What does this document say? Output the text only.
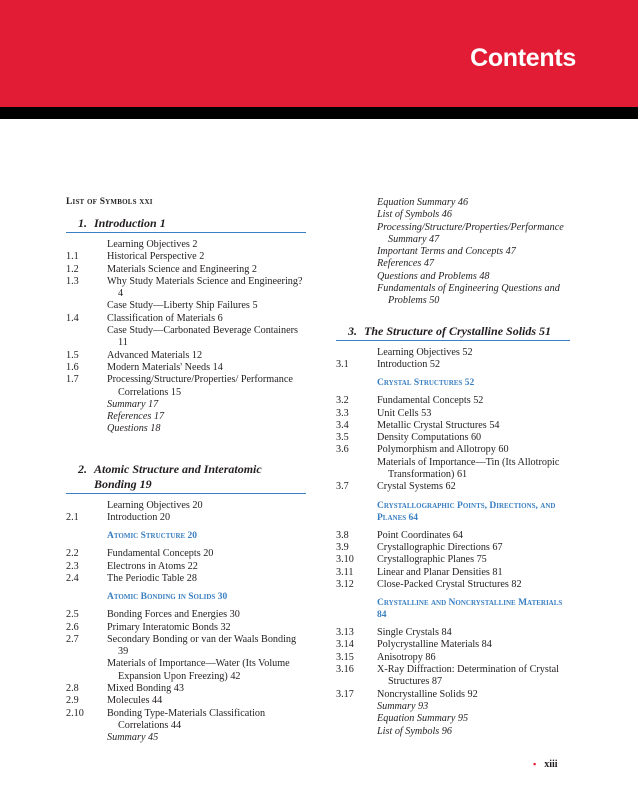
Contents
List of Symbols xxi
1. Introduction 1
Learning Objectives 2
1.1	Historical Perspective 2
1.2	Materials Science and Engineering 2
1.3	Why Study Materials Science and Engineering? 4
Case Study—Liberty Ship Failures 5
1.4	Classification of Materials 6
Case Study—Carbonated Beverage Containers 11
1.5	Advanced Materials 12
1.6	Modern Materials' Needs 14
1.7	Processing/Structure/Properties/ Performance Correlations 15
Summary 17
References 17
Questions 18
2. Atomic Structure and Interatomic Bonding 19
Learning Objectives 20
2.1	Introduction 20
Atomic Structure 20
2.2	Fundamental Concepts 20
2.3	Electrons in Atoms 22
2.4	The Periodic Table 28
Atomic Bonding in Solids 30
2.5	Bonding Forces and Energies 30
2.6	Primary Interatomic Bonds 32
2.7	Secondary Bonding or van der Waals Bonding 39
Materials of Importance—Water (Its Volume Expansion Upon Freezing) 42
2.8	Mixed Bonding 43
2.9	Molecules 44
2.10 Bonding Type-Materials Classification Correlations 44
Summary 45
Equation Summary 46
List of Symbols 46
Processing/Structure/Properties/Performance Summary 47
Important Terms and Concepts 47
References 47
Questions and Problems 48
Fundamentals of Engineering Questions and Problems 50
3. The Structure of Crystalline Solids 51
Learning Objectives 52
3.1	Introduction 52
Crystal Structures 52
3.2	Fundamental Concepts 52
3.3	Unit Cells 53
3.4	Metallic Crystal Structures 54
3.5	Density Computations 60
3.6	Polymorphism and Allotropy 60
Materials of Importance—Tin (Its Allotropic Transformation) 61
3.7	Crystal Systems 62
Crystallographic Points, Directions, and Planes 64
3.8	Point Coordinates 64
3.9	Crystallographic Directions 67
3.10 Crystallographic Planes 75
3.11 Linear and Planar Densities 81
3.12 Close-Packed Crystal Structures 82
Crystalline and Noncrystalline Materials 84
3.13 Single Crystals 84
3.14 Polycrystalline Materials 84
3.15 Anisotropy 86
3.16 X-Ray Diffraction: Determination of Crystal Structures 87
3.17 Noncrystalline Solids 92
Summary 93
Equation Summary 95
List of Symbols 96
▪ xiii
